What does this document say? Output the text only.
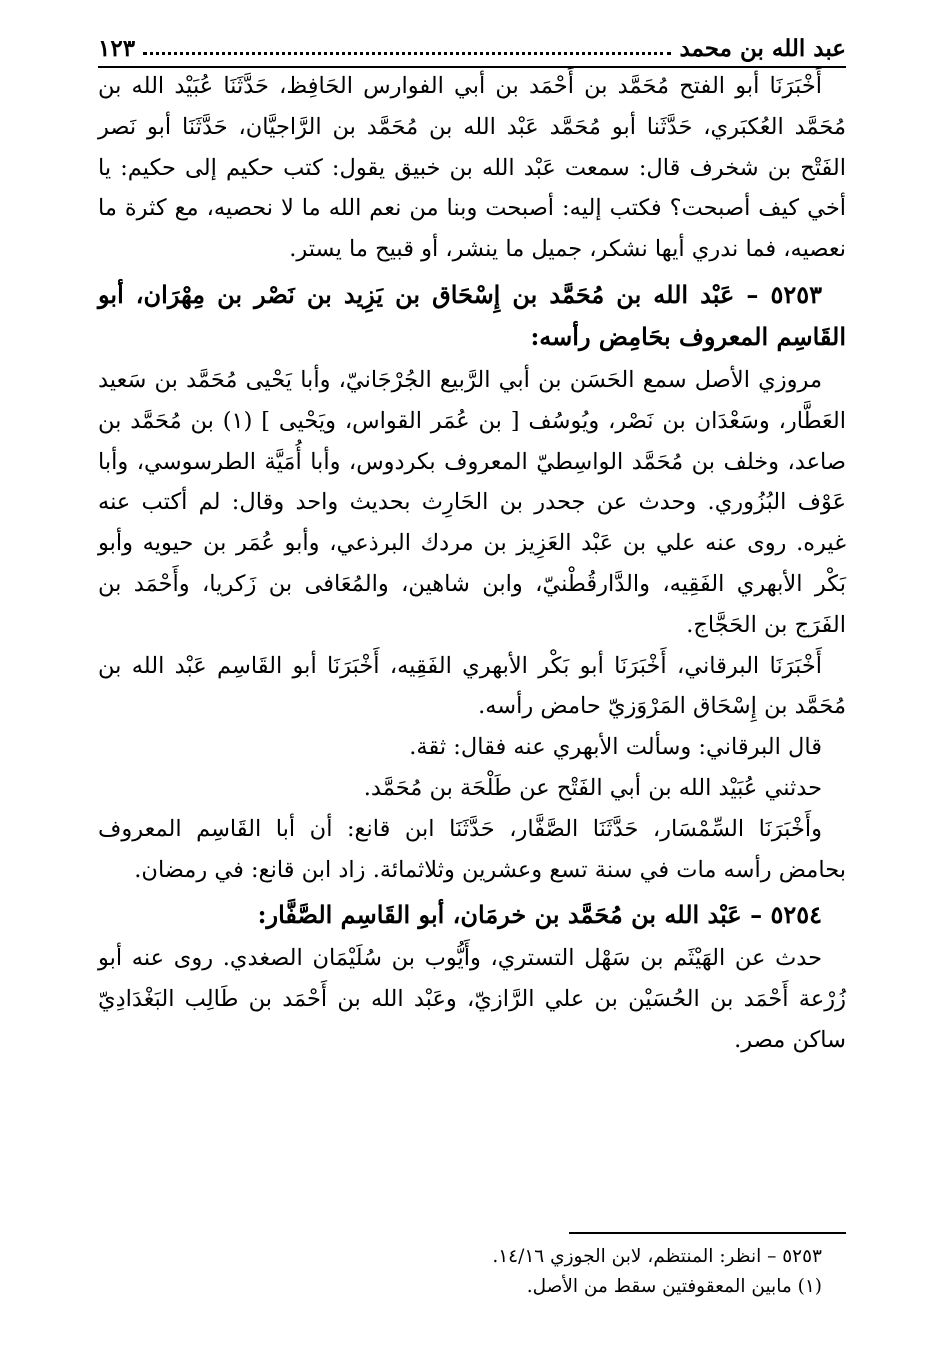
عبد الله بن محمد
١٢٣

أَخْبَرَنَا أبو الفتح مُحَمَّد بن أَحْمَد بن أبي الفوارس الحَافِظ، حَدَّثَنَا عُبَيْد الله بن مُحَمَّد العُكبَري، حَدَّثَنا أبو مُحَمَّد عَبْد الله بن مُحَمَّد بن الرَّاجيَّان، حَدَّثَنَا أبو نَصر الفَتْح بن شخرف قال: سمعت عَبْد الله بن خبيق يقول: كتب حكيم إلى حكيم: يا أخي كيف أصبحت؟ فكتب إليه: أصبحت وبنا من نعم الله ما لا نحصيه، مع كثرة ما نعصيه، فما ندري أيها نشكر، جميل ما ينشر، أو قبيح ما يستر.

٥٢٥٣ – عَبْد الله بن مُحَمَّد بن إِسْحَاق بن يَزِيد بن نَصْر بن مِهْرَان، أبو القَاسِم المعروف بحَامِض رأسه:

مروزي الأصل سمع الحَسَن بن أبي الرَّبيع الجُرْجَانيّ، وأبا يَحْيى مُحَمَّد بن سَعيد العَطَّار، وسَعْدَان بن نَصْر، ويُوسُف [ بن عُمَر القواس، ويَحْيى ] (١) بن مُحَمَّد بن صاعد، وخلف بن مُحَمَّد الواسِطيّ المعروف بكردوس، وأبا أُمَيَّة الطرسوسي، وأبا عَوْف البُزُوري. وحدث عن جحدر بن الحَارِث بحديث واحد وقال: لم أكتب عنه غيره. روى عنه علي بن عَبْد العَزِيز بن مردك البرذعي، وأبو عُمَر بن حيويه وأبو بَكْر الأبهري الفَقِيه، والدَّارقُطْنيّ، وابن شاهين، والمُعَافى بن زَكريا، وأَحْمَد بن الفَرَج بن الحَجَّاج.

أَخْبَرَنَا البرقاني، أَخْبَرَنَا أبو بَكْر الأبهري الفَقِيه، أَخْبَرَنَا أبو القَاسِم عَبْد الله بن مُحَمَّد بن إِسْحَاق المَرْوَزيّ حامض رأسه.

قال البرقاني: وسألت الأبهري عنه فقال: ثقة.

حدثني عُبَيْد الله بن أبي الفَتْح عن طَلْحَة بن مُحَمَّد.

وأَخْبَرَنَا السِّمْسَار، حَدَّثَنَا الصَّفَّار، حَدَّثَنَا ابن قانع: أن أبا القَاسِم المعروف بحامض رأسه مات في سنة تسع وعشرين وثلاثمائة. زاد ابن قانع: في رمضان.

٥٢٥٤ – عَبْد الله بن مُحَمَّد بن خرمَان، أبو القَاسِم الصَّفَّار:

حدث عن الهَيْثَم بن سَهْل التستري، وأَيُّوب بن سُلَيْمَان الصغدي. روى عنه أبو زُرْعة أَحْمَد بن الحُسَيْن بن علي الرَّازيّ، وعَبْد الله بن أَحْمَد بن طَالِب البَغْدَادِيّ ساكن مصر.

٥٢٥٣ – انظر: المنتظم، لابن الجوزي ١٤/١٦.

(١) مابين المعقوفتين سقط من الأصل.
